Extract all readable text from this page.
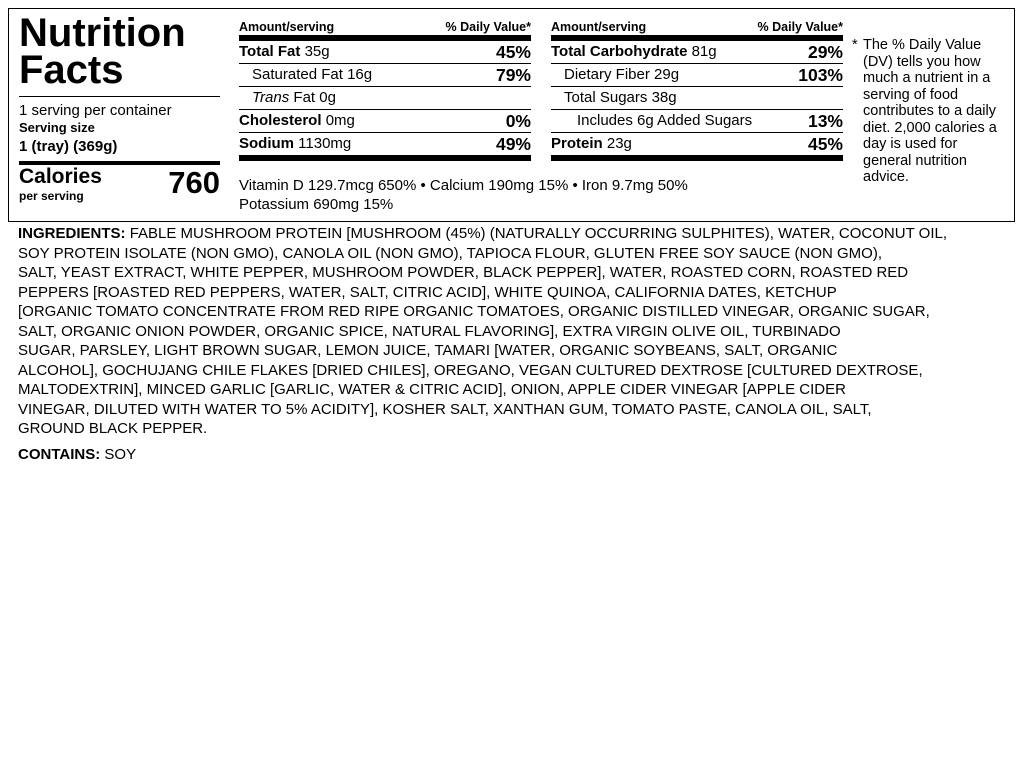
Nutrition
Facts
1 serving per container
Serving size
1 (tray) (369g)
Calories
per serving	760
Amount/serving	% Daily Value*
Total Fat 35g	45%
Saturated Fat 16g	79%
Trans Fat 0g
Cholesterol 0mg	0%
Sodium 1130mg	49%
Amount/serving	% Daily Value*
Total Carbohydrate 81g	29%
Dietary Fiber 29g	103%
Total Sugars 38g
Includes 6g Added Sugars	13%
Protein 23g	45%
Vitamin D 129.7mcg 650% • Calcium 190mg 15% • Iron 9.7mg 50%
Potassium 690mg 15%
* The % Daily Value (DV) tells you how much a nutrient in a serving of food contributes to a daily diet. 2,000 calories a day is used for general nutrition advice.
INGREDIENTS: FABLE MUSHROOM PROTEIN [MUSHROOM (45%) (NATURALLY OCCURRING SULPHITES), WATER, COCONUT OIL,
SOY PROTEIN ISOLATE (NON GMO), CANOLA OIL (NON GMO), TAPIOCA FLOUR, GLUTEN FREE SOY SAUCE (NON GMO),
SALT, YEAST EXTRACT, WHITE PEPPER, MUSHROOM POWDER, BLACK PEPPER], WATER, ROASTED CORN, ROASTED RED
PEPPERS [ROASTED RED PEPPERS, WATER, SALT, CITRIC ACID], WHITE QUINOA, CALIFORNIA DATES, KETCHUP
[ORGANIC TOMATO CONCENTRATE FROM RED RIPE ORGANIC TOMATOES, ORGANIC DISTILLED VINEGAR, ORGANIC SUGAR,
SALT, ORGANIC ONION POWDER, ORGANIC SPICE, NATURAL FLAVORING], EXTRA VIRGIN OLIVE OIL, TURBINADO
SUGAR, PARSLEY, LIGHT BROWN SUGAR, LEMON JUICE, TAMARI [WATER, ORGANIC SOYBEANS, SALT, ORGANIC
ALCOHOL], GOCHUJANG CHILE FLAKES [DRIED CHILES], OREGANO, VEGAN CULTURED DEXTROSE [CULTURED DEXTROSE,
MALTODEXTRIN], MINCED GARLIC [GARLIC, WATER & CITRIC ACID], ONION, APPLE CIDER VINEGAR [APPLE CIDER
VINEGAR, DILUTED WITH WATER TO 5% ACIDITY], KOSHER SALT, XANTHAN GUM, TOMATO PASTE, CANOLA OIL, SALT,
GROUND BLACK PEPPER.
CONTAINS: SOY
